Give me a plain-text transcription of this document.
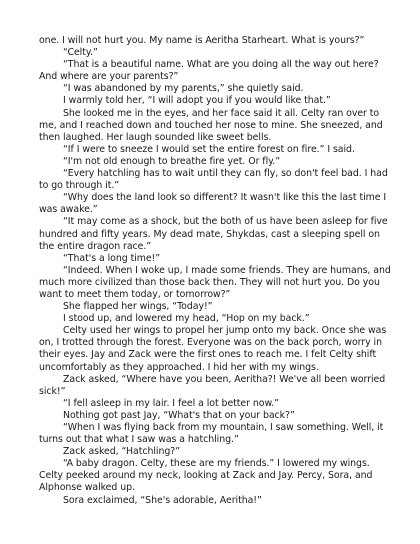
one. I will not hurt you. My name is Aeritha Starheart. What is yours?”

“Celty.”

“That is a beautiful name. What are you doing all the way out here? And where are your parents?”

“I was abandoned by my parents,” she quietly said.

I warmly told her, “I will adopt you if you would like that.”

She looked me in the eyes, and her face said it all. Celty ran over to me, and I reached down and touched her nose to mine. She sneezed, and then laughed. Her laugh sounded like sweet bells.

“If I were to sneeze I would set the entire forest on fire.” I said.

“I'm not old enough to breathe fire yet. Or fly.”

“Every hatchling has to wait until they can fly, so don't feel bad. I had to go through it.”

“Why does the land look so different? It wasn't like this the last time I was awake.”

“It may come as a shock, but the both of us have been asleep for five hundred and fifty years. My dead mate, Shykdas, cast a sleeping spell on the entire dragon race.”

“That's a long time!”

“Indeed. When I woke up, I made some friends. They are humans, and much more civilized than those back then. They will not hurt you. Do you want to meet them today, or tomorrow?”

She flapped her wings, “Today!”

I stood up, and lowered my head, “Hop on my back.”

Celty used her wings to propel her jump onto my back. Once she was on, I trotted through the forest. Everyone was on the back porch, worry in their eyes. Jay and Zack were the first ones to reach me. I felt Celty shift uncomfortably as they approached. I hid her with my wings.

Zack asked, “Where have you been, Aeritha?! We've all been worried sick!”

“I fell asleep in my lair. I feel a lot better now.”

Nothing got past Jay, “What's that on your back?”

“When I was flying back from my mountain, I saw something. Well, it turns out that what I saw was a hatchling.”

Zack asked, “Hatchling?”

“A baby dragon. Celty, these are my friends.” I lowered my wings. Celty peeked around my neck, looking at Zack and Jay. Percy, Sora, and Alphonse walked up.

Sora exclaimed, “She's adorable, Aeritha!”
